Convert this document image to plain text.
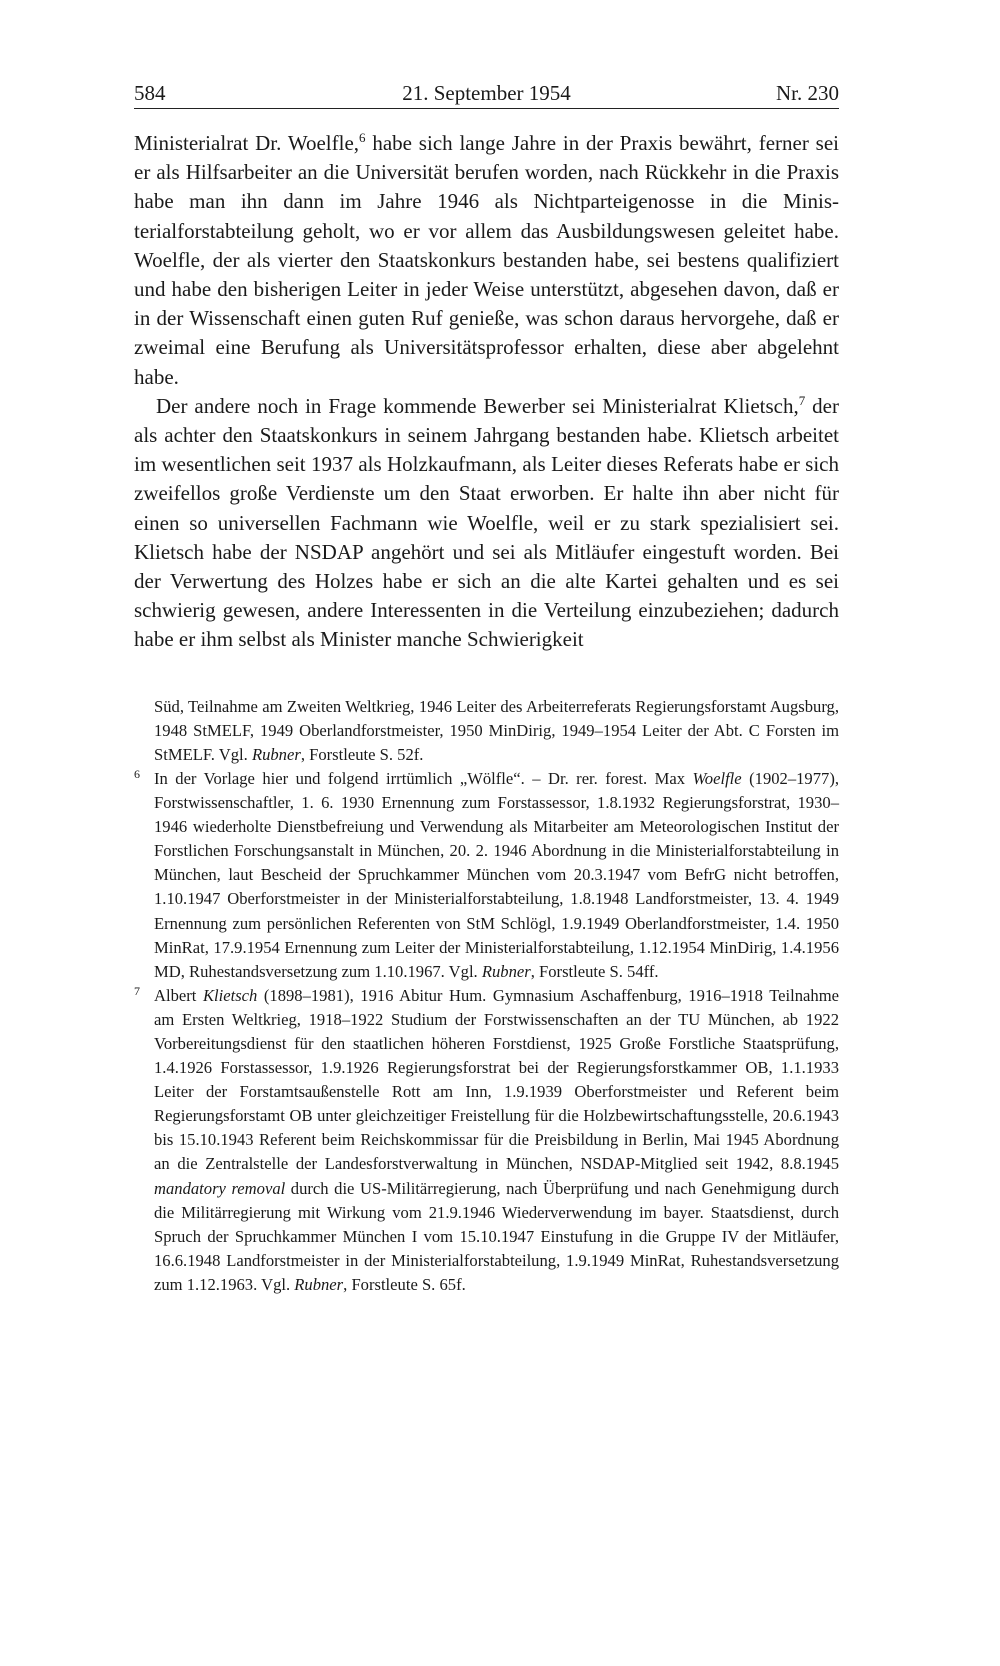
584	21. September 1954	Nr. 230

Ministerialrat Dr. Woelfle,$^6$ habe sich lange Jahre in der Praxis bewährt, ferner sei er als Hilfsarbeiter an die Universität berufen worden, nach Rückkehr in die Praxis habe man ihn dann im Jahre 1946 als Nichtparteigenosse in die Ministerialforstabteilung geholt, wo er vor allem das Ausbildungswesen geleitet habe. Woelfle, der als vierter den Staatskonkurs bestanden habe, sei bestens qualifiziert und habe den bisherigen Leiter in jeder Weise unterstützt, abgesehen davon, daß er in der Wissenschaft einen guten Ruf genieße, was schon daraus hervorgehe, daß er zweimal eine Berufung als Universitätsprofessor erhalten, diese aber abgelehnt habe.

Der andere noch in Frage kommende Bewerber sei Ministerialrat Klietsch,$^7$ der als achter den Staatskonkurs in seinem Jahrgang bestanden habe. Klietsch arbeitet im wesentlichen seit 1937 als Holzkaufmann, als Leiter dieses Referats habe er sich zweifellos große Verdienste um den Staat erworben. Er halte ihn aber nicht für einen so universellen Fachmann wie Woelfle, weil er zu stark spezialisiert sei. Klietsch habe der NSDAP angehört und sei als Mitläufer eingestuft worden. Bei der Verwertung des Holzes habe er sich an die alte Kartei gehalten und es sei schwierig gewesen, andere Interessenten in die Verteilung einzubeziehen; dadurch habe er ihm selbst als Minister manche Schwierigkeit

Süd, Teilnahme am Zweiten Weltkrieg, 1946 Leiter des Arbeiterreferats Regierungsforstamt Augsburg, 1948 StMELF, 1949 Oberlandforstmeister, 1950 MinDirig, 1949–1954 Leiter der Abt. C Forsten im StMELF. Vgl. Rubner, Forstleute S. 52f.

6 In der Vorlage hier und folgend irrtümlich „Wölfle“. – Dr. rer. forest. Max Woelfle (1902–1977), Forstwissenschaftler, 1. 6. 1930 Ernennung zum Forstassessor, 1.8.1932 Regierungsforstrat, 1930–1946 wiederholte Dienstbefreiung und Verwendung als Mitarbeiter am Meteorologischen Institut der Forstlichen Forschungsanstalt in München, 20. 2. 1946 Abordnung in die Ministerialforstabteilung in München, laut Bescheid der Spruchkammer München vom 20.3.1947 vom BefrG nicht betroffen, 1.10.1947 Oberforstmeister in der Ministerialforstabteilung, 1.8.1948 Landforstmeister, 13. 4. 1949 Ernennung zum persönlichen Referenten von StM Schlögl, 1.9.1949 Oberlandforstmeister, 1.4. 1950 MinRat, 17.9.1954 Ernennung zum Leiter der Ministerialforstabteilung, 1.12.1954 MinDirig, 1.4.1956 MD, Ruhestandsversetzung zum 1.10.1967. Vgl. Rubner, Forstleute S. 54ff.

7 Albert Klietsch (1898–1981), 1916 Abitur Hum. Gymnasium Aschaffenburg, 1916–1918 Teilnahme am Ersten Weltkrieg, 1918–1922 Studium der Forstwissenschaften an der TU München, ab 1922 Vorbereitungsdienst für den staatlichen höheren Forstdienst, 1925 Große Forstliche Staatsprüfung, 1.4.1926 Forstassessor, 1.9.1926 Regierungsforstrat bei der Regierungsforstkammer OB, 1.1.1933 Leiter der Forstamtsaußenstelle Rott am Inn, 1.9.1939 Oberforstmeister und Referent beim Regierungsforstamt OB unter gleichzeitiger Freistellung für die Holzbewirtschaftungsstelle, 20.6.1943 bis 15.10.1943 Referent beim Reichskommissar für die Preisbildung in Berlin, Mai 1945 Abordnung an die Zentralstelle der Landesforstverwaltung in München, NSDAP-Mitglied seit 1942, 8.8.1945 mandatory removal durch die US-Militärregierung, nach Überprüfung und nach Genehmigung durch die Militärregierung mit Wirkung vom 21.9.1946 Wiederverwendung im bayer. Staatsdienst, durch Spruch der Spruchkammer München I vom 15.10.1947 Einstufung in die Gruppe IV der Mitläufer, 16.6.1948 Landforstmeister in der Ministerialforstabteilung, 1.9.1949 MinRat, Ruhestandsversetzung zum 1.12.1963. Vgl. Rubner, Forstleute S. 65f.
